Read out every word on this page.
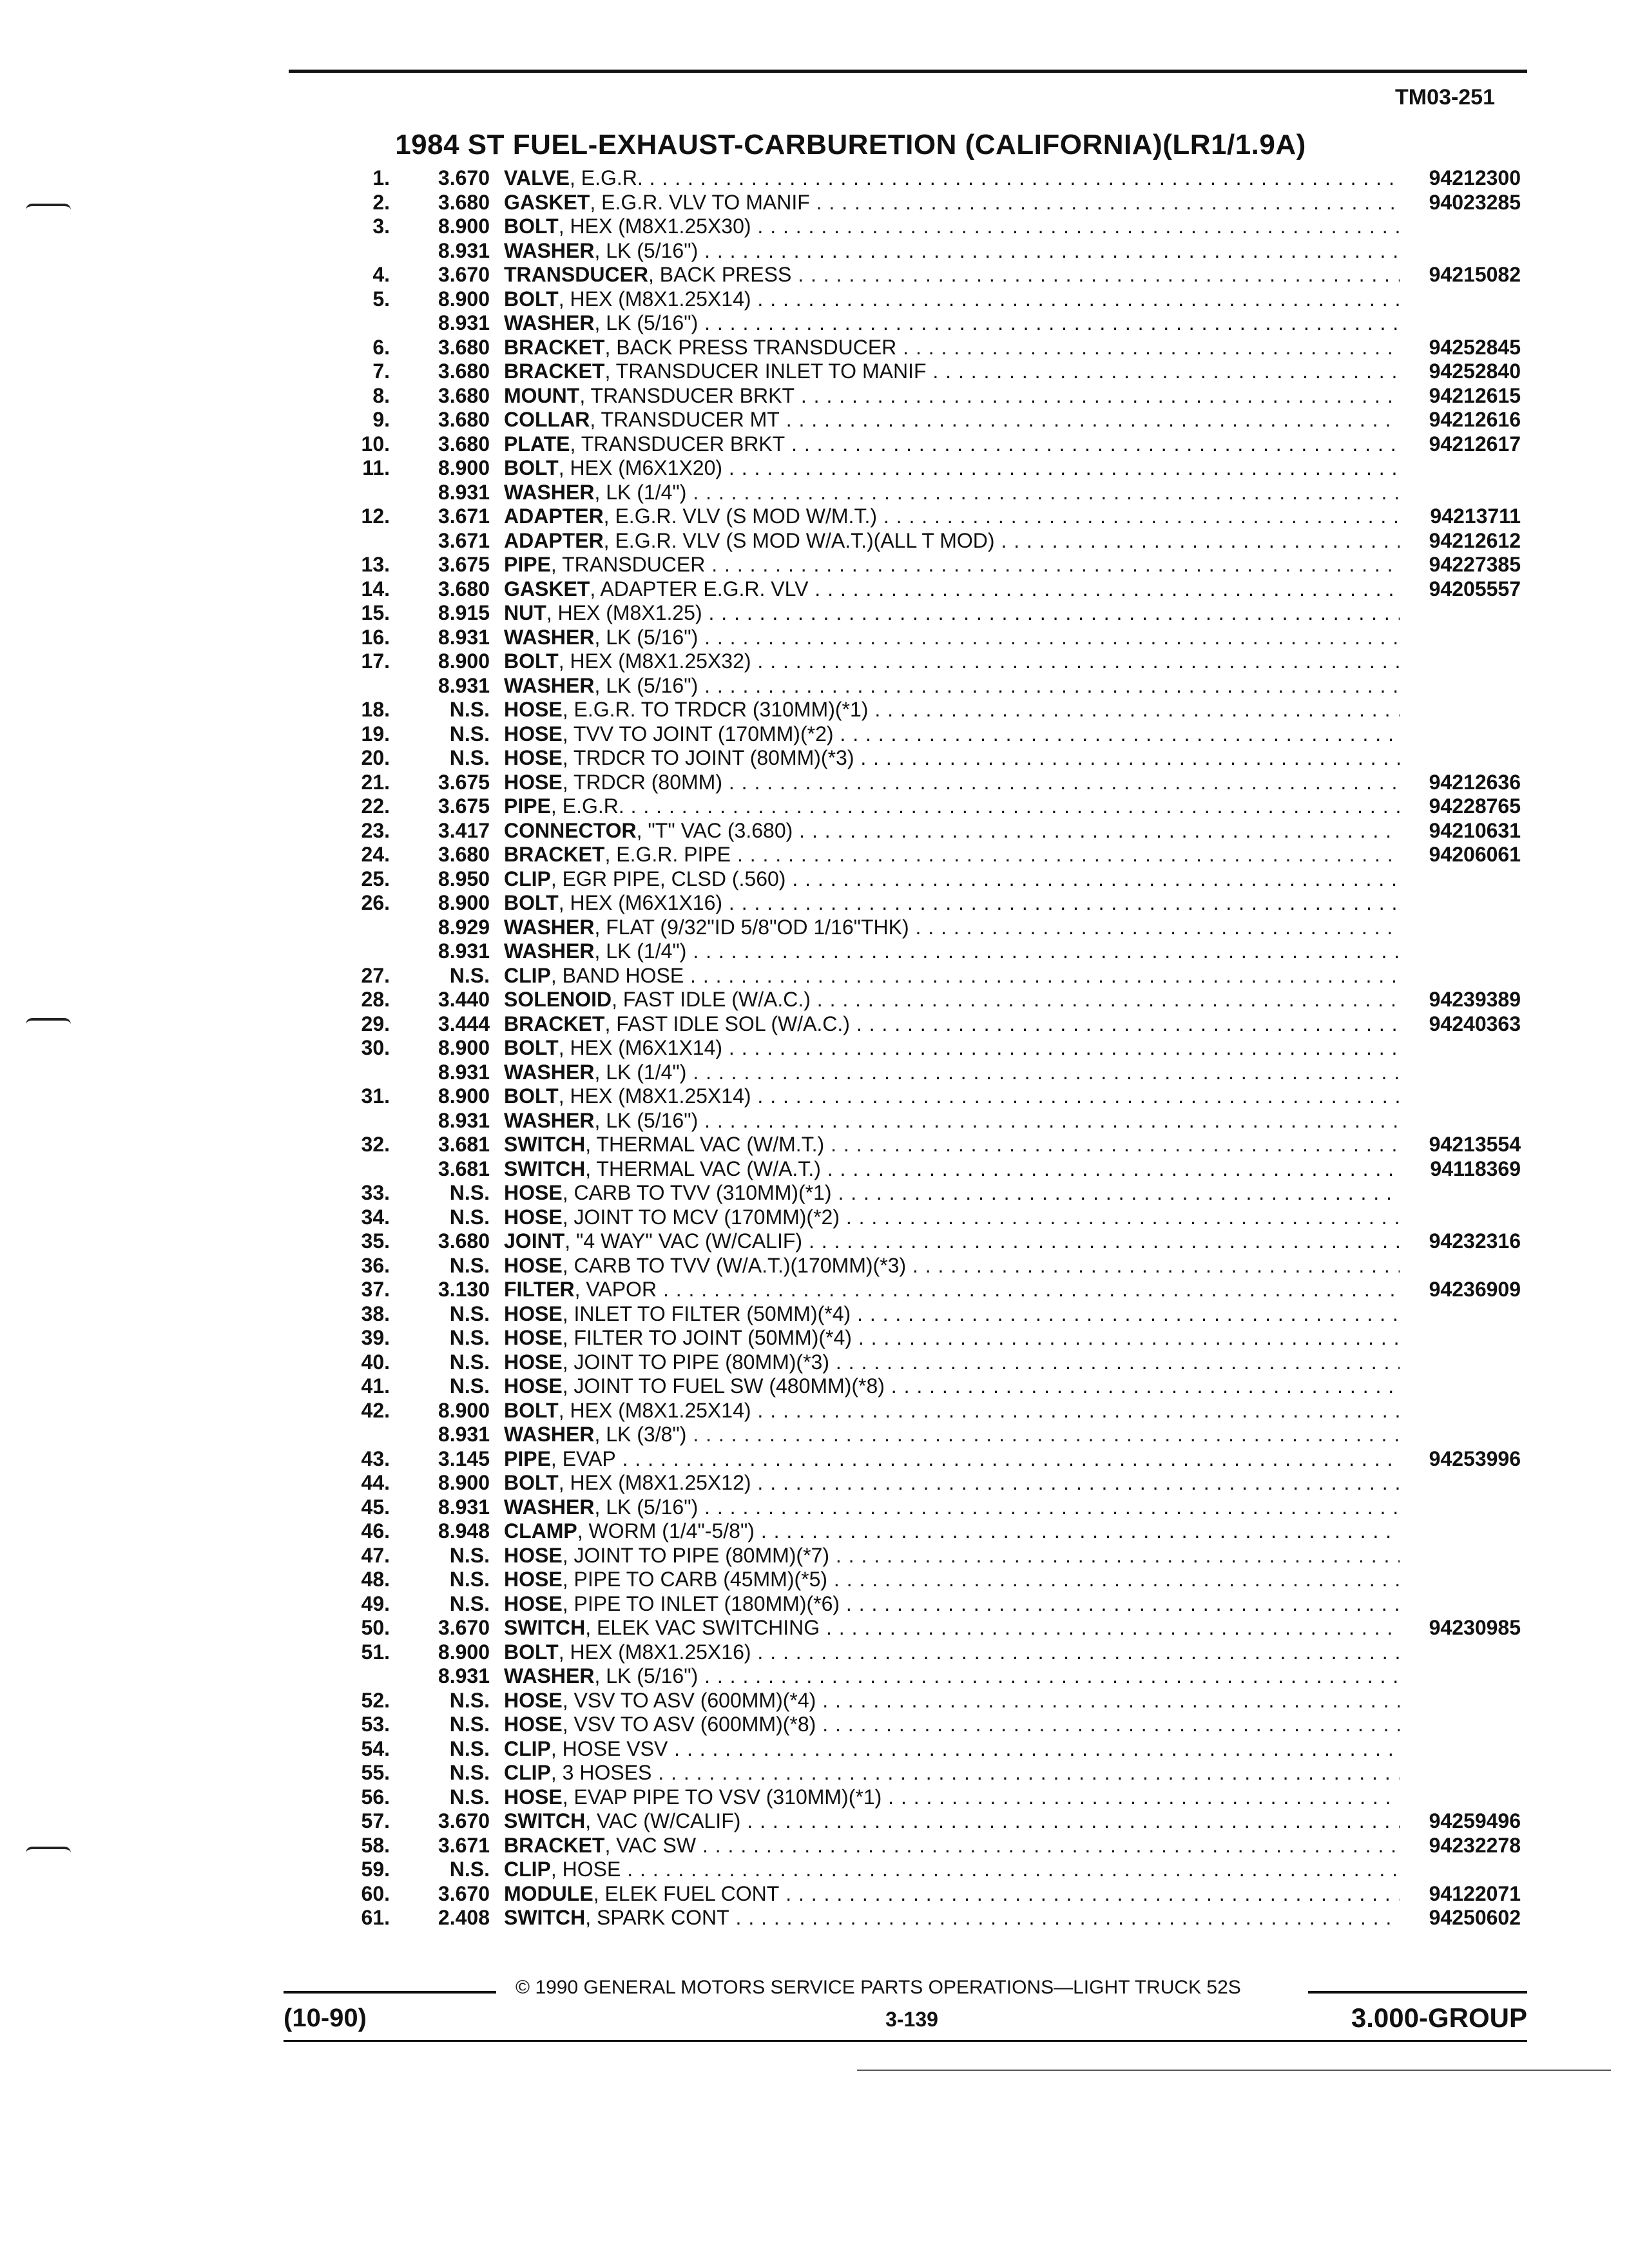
TM03-251
1984 ST FUEL-EXHAUST-CARBURETION (CALIFORNIA)(LR1/1.9A)
1.	3.670 VALVE, E.G.R. . . .	94212300
2.	3.680 GASKET, E.G.R. VLV TO MANIF . . .	94023285
3.	8.900 BOLT, HEX (M8X1.25X30) . . .
8.931 WASHER, LK (5/16") . . .
4.	3.670 TRANSDUCER, BACK PRESS . . .	94215082
5.	8.900 BOLT, HEX (M8X1.25X14) . . .
8.931 WASHER, LK (5/16") . . .
6.	3.680 BRACKET, BACK PRESS TRANSDUCER . . .	94252845
7.	3.680 BRACKET, TRANSDUCER INLET TO MANIF . . .	94252840
8.	3.680 MOUNT, TRANSDUCER BRKT . . .	94212615
9.	3.680 COLLAR, TRANSDUCER MT . . .	94212616
10.	3.680 PLATE, TRANSDUCER BRKT . . .	94212617
11.	8.900 BOLT, HEX (M6X1X20) . . .
8.931 WASHER, LK (1/4") . . .
12.	3.671 ADAPTER, E.G.R. VLV (S MOD W/M.T.) . . .	94213711
3.671 ADAPTER, E.G.R. VLV (S MOD W/A.T.)(ALL T MOD) . . .	94212612
13.	3.675 PIPE, TRANSDUCER . . .	94227385
14.	3.680 GASKET, ADAPTER E.G.R. VLV . . .	94205557
15.	8.915 NUT, HEX (M8X1.25) . . .
16.	8.931 WASHER, LK (5/16") . . .
17.	8.900 BOLT, HEX (M8X1.25X32) . . .
8.931 WASHER, LK (5/16") . . .
18.	N.S. HOSE, E.G.R. TO TRDCR (310MM)(*1) . . .
19.	N.S. HOSE, TVV TO JOINT (170MM)(*2) . . .
20.	N.S. HOSE, TRDCR TO JOINT (80MM)(*3) . . .
21.	3.675 HOSE, TRDCR (80MM) . . .	94212636
22.	3.675 PIPE, E.G.R. . . .	94228765
23.	3.417 CONNECTOR, "T" VAC (3.680) . . .	94210631
24.	3.680 BRACKET, E.G.R. PIPE . . .	94206061
25.	8.950 CLIP, EGR PIPE, CLSD (.560) . . .
26.	8.900 BOLT, HEX (M6X1X16) . . .
8.929 WASHER, FLAT (9/32"ID 5/8"OD 1/16"THK) . . .
8.931 WASHER, LK (1/4") . . .
27.	N.S. CLIP, BAND HOSE . . .
28.	3.440 SOLENOID, FAST IDLE (W/A.C.) . . .	94239389
29.	3.444 BRACKET, FAST IDLE SOL (W/A.C.) . . .	94240363
30.	8.900 BOLT, HEX (M6X1X14) . . .
8.931 WASHER, LK (1/4") . . .
31.	8.900 BOLT, HEX (M8X1.25X14) . . .
8.931 WASHER, LK (5/16") . . .
32.	3.681 SWITCH, THERMAL VAC (W/M.T.) . . .	94213554
3.681 SWITCH, THERMAL VAC (W/A.T.) . . .	94118369
33.	N.S. HOSE, CARB TO TVV (310MM)(*1) . . .
34.	N.S. HOSE, JOINT TO MCV (170MM)(*2) . . .
35.	3.680 JOINT, "4 WAY" VAC (W/CALIF) . . .	94232316
36.	N.S. HOSE, CARB TO TVV (W/A.T.)(170MM)(*3) . . .
37.	3.130 FILTER, VAPOR . . .	94236909
38.	N.S. HOSE, INLET TO FILTER (50MM)(*4) . . .
39.	N.S. HOSE, FILTER TO JOINT (50MM)(*4) . . .
40.	N.S. HOSE, JOINT TO PIPE (80MM)(*3) . . .
41.	N.S. HOSE, JOINT TO FUEL SW (480MM)(*8) . . .
42.	8.900 BOLT, HEX (M8X1.25X14) . . .
8.931 WASHER, LK (3/8") . . .
43.	3.145 PIPE, EVAP . . .	94253996
44.	8.900 BOLT, HEX (M8X1.25X12) . . .
45.	8.931 WASHER, LK (5/16") . . .
46.	8.948 CLAMP, WORM (1/4"-5/8") . . .
47.	N.S. HOSE, JOINT TO PIPE (80MM)(*7) . . .
48.	N.S. HOSE, PIPE TO CARB (45MM)(*5) . . .
49.	N.S. HOSE, PIPE TO INLET (180MM)(*6) . . .
50.	3.670 SWITCH, ELEK VAC SWITCHING . . .	94230985
51.	8.900 BOLT, HEX (M8X1.25X16) . . .
8.931 WASHER, LK (5/16") . . .
52.	N.S. HOSE, VSV TO ASV (600MM)(*4) . . .
53.	N.S. HOSE, VSV TO ASV (600MM)(*8) . . .
54.	N.S. CLIP, HOSE VSV . . .
55.	N.S. CLIP, 3 HOSES . . .
56.	N.S. HOSE, EVAP PIPE TO VSV (310MM)(*1) . . .
57.	3.670 SWITCH, VAC (W/CALIF) . . .	94259496
58.	3.671 BRACKET, VAC SW . . .	94232278
59.	N.S. CLIP, HOSE . . .
60.	3.670 MODULE, ELEK FUEL CONT . . .	94122071
61.	2.408 SWITCH, SPARK CONT . . .	94250602
© 1990 GENERAL MOTORS SERVICE PARTS OPERATIONS—LIGHT TRUCK 52S
(10-90)	3-139	3.000-GROUP
